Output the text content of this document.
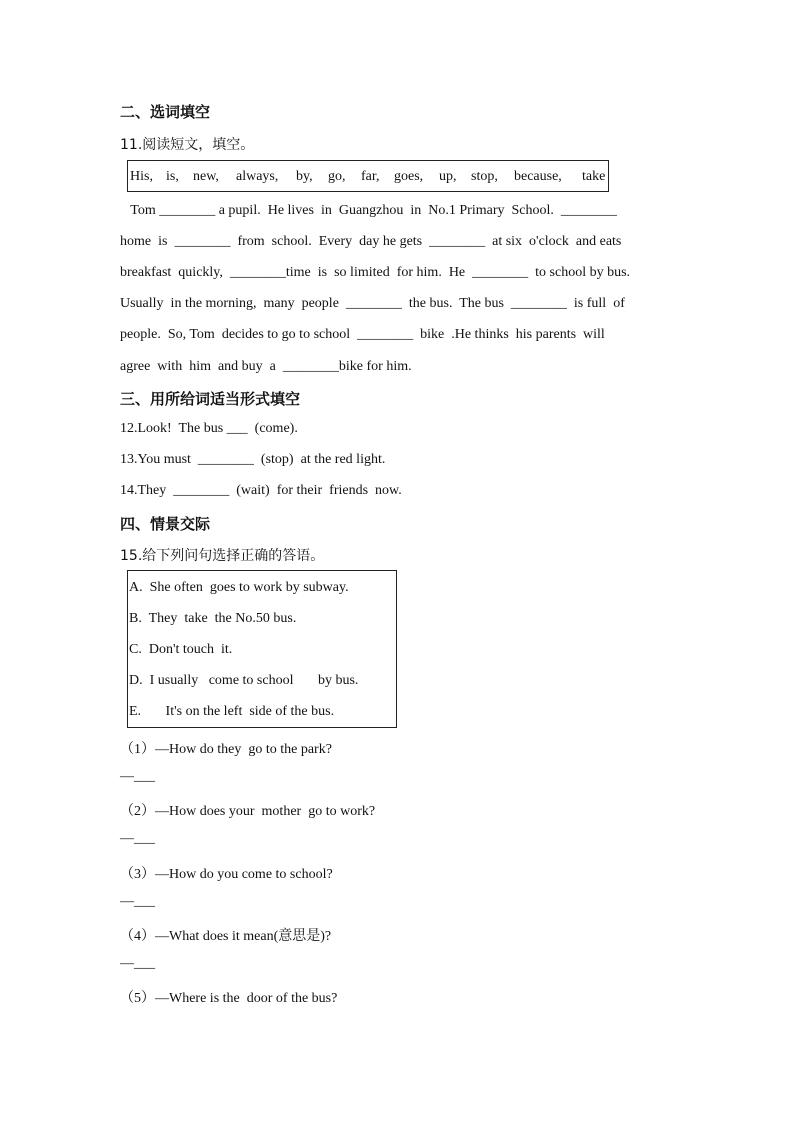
二、选词填空
11.阅读短文，填空。
His, is, new, always, by, go, far, goes, up, stop, because, take
Tom ________ a pupil.  He lives  in  Guangzhou  in  No.1 Primary  School.  ________
home  is  ________  from  school.  Every  day he gets  ________  at six  o'clock  and eats
breakfast  quickly,  ________time  is  so limited  for him.  He  ________  to school by bus.
Usually  in the morning,  many  people  ________  the bus.  The bus  ________  is full  of
people.  So, Tom  decides to go to school  ________  bike  .He thinks  his parents  will
agree  with  him  and buy  a  ________bike for him.
三、用所给词适当形式填空
12.Look!  The bus ___  (come).
13.You must  ________  (stop)  at the red light.
14.They  ________  (wait)  for their  friends  now.
四、情景交际
15.给下列问句选择正确的答语。
A.  She often  goes to work by subway.
B.  They  take  the No.50 bus.
C.  Don't touch  it.
D.  I usually   come to school       by bus.
E.       It's on the left  side of the bus.
（1）—How do they  go to the park?
—___
（2）—How does your  mother  go to work?
—___
（3）—How do you come to school?
—___
（4）—What does it mean(意思是)?
—___
（5）—Where is the  door of the bus?
